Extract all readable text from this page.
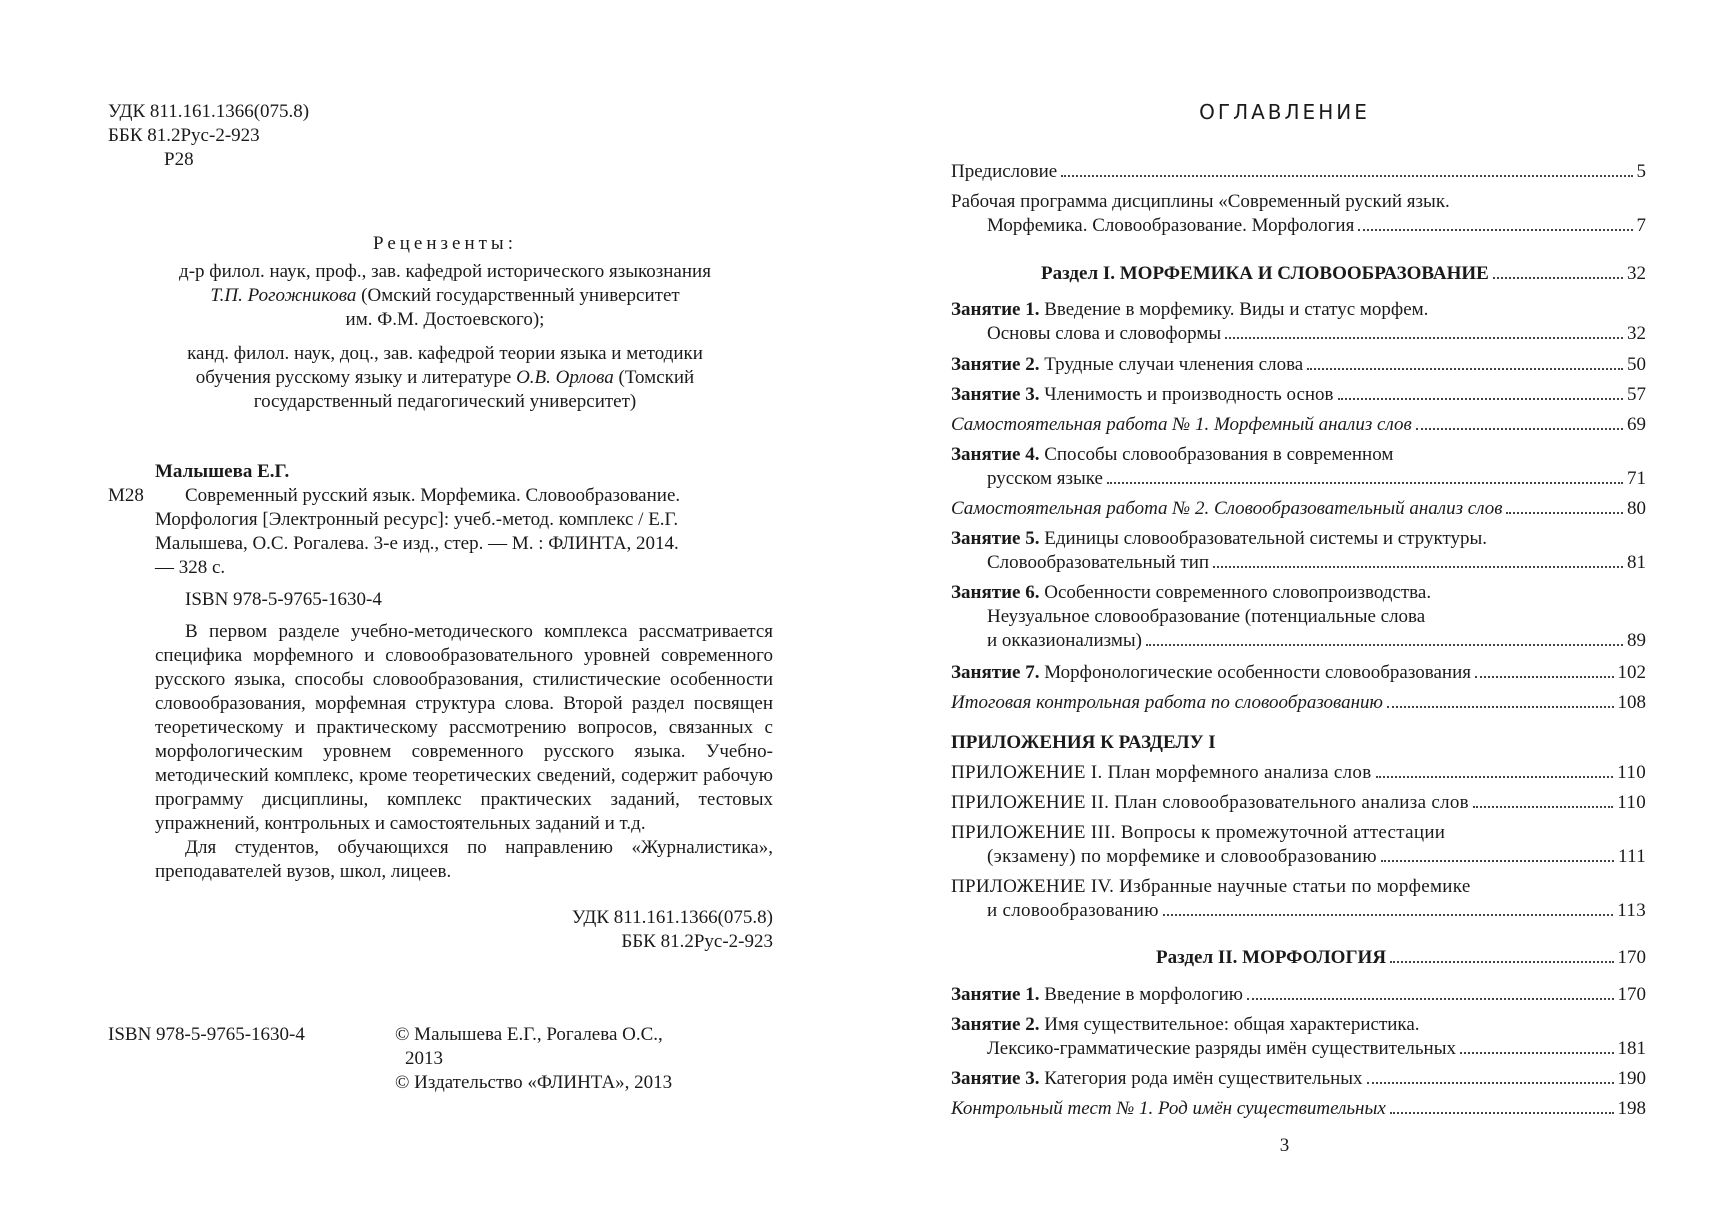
УДК 811.161.1366(075.8)
ББК 81.2Рус-2-923
Р28
Рецензенты:

д-р филол. наук, проф., зав. кафедрой исторического языкознания
Т.П. Рогожникова (Омский государственный университет
им. Ф.М. Достоевского);

канд. филол. наук, доц., зав. кафедрой теории языка и методики
обучения русскому языку и литературе О.В. Орлова (Томский
государственный педагогический университет)

Малышева Е.Г.
М28	Современный русский язык. Морфемика. Словообразование.
Морфология [Электронный ресурс]: учеб.-метод. комплекс / Е.Г.
Малышева, О.С. Рогалева. 3-е изд., стер. — М. : ФЛИНТА, 2014.
— 328 с.
ISBN 978-5-9765-1630-4

В первом разделе учебно-методического комплекса рассматривается специфика морфемного и словообразовательного уровней современного русского языка, способы словообразования, стилистические особенности словообразования, морфемная структура слова. Второй раздел посвящен теоретическому и практическому рассмотрению вопросов, связанных с морфологическим уровнем современного русского языка. Учебно-методический комплекс, кроме теоретических сведений, содержит рабочую программу дисциплины, комплекс практических заданий, тестовых упражнений, контрольных и самостоятельных заданий и т.д.

Для студентов, обучающихся по направлению «Журналистика», преподавателей вузов, школ, лицеев.

УДК 811.161.1366(075.8)
ББК 81.2Рус-2-923
ISBN 978-5-9765-1630-4	© Малышева Е.Г., Рогалева О.С.,
2013
© Издательство «ФЛИНТА», 2013
ОГЛАВЛЕНИЕ
Предисловие	5
Рабочая программа дисциплины «Современный руский язык.
Морфемика. Словообразование. Морфология	7
Раздел I. МОРФЕМИКА И СЛОВООБРАЗОВАНИЕ	32
Занятие 1. Введение в морфемику. Виды и статус морфем.
Основы слова и словоформы	32
Занятие 2. Трудные случаи членения слова	50
Занятие 3. Членимость и производность основ	57
Самостоятельная работа № 1. Морфемный анализ слов	69
Занятие 4. Способы словообразования в современном
русском языке	71
Самостоятельная работа № 2. Словообразовательный анализ слов	80
Занятие 5. Единицы словообразовательной системы и структуры.
Словообразовательный тип	81
Занятие 6. Особенности современного словопроизводства.
Неузуальное словообразование (потенциальные слова
и окказионализмы)	89
Занятие 7. Морфонологические особенности словообразования	102
Итоговая контрольная работа по словообразованию	108
ПРИЛОЖЕНИЯ К РАЗДЕЛУ I
ПРИЛОЖЕНИЕ I. План морфемного анализа слов	110
ПРИЛОЖЕНИЕ II. План словообразовательного анализа слов	110
ПРИЛОЖЕНИЕ III. Вопросы к промежуточной аттестации
(экзамену) по морфемике и словообразованию	111
ПРИЛОЖЕНИЕ IV. Избранные научные статьи по морфемике
и словообразованию	113
Раздел II. МОРФОЛОГИЯ	170
Занятие 1. Введение в морфологию	170
Занятие 2. Имя существительное: общая характеристика.
Лексико-грамматические разряды имён существительных	181
Занятие 3. Категория рода имён существительных	190
Контрольный тест № 1. Род имён существительных	198
3
